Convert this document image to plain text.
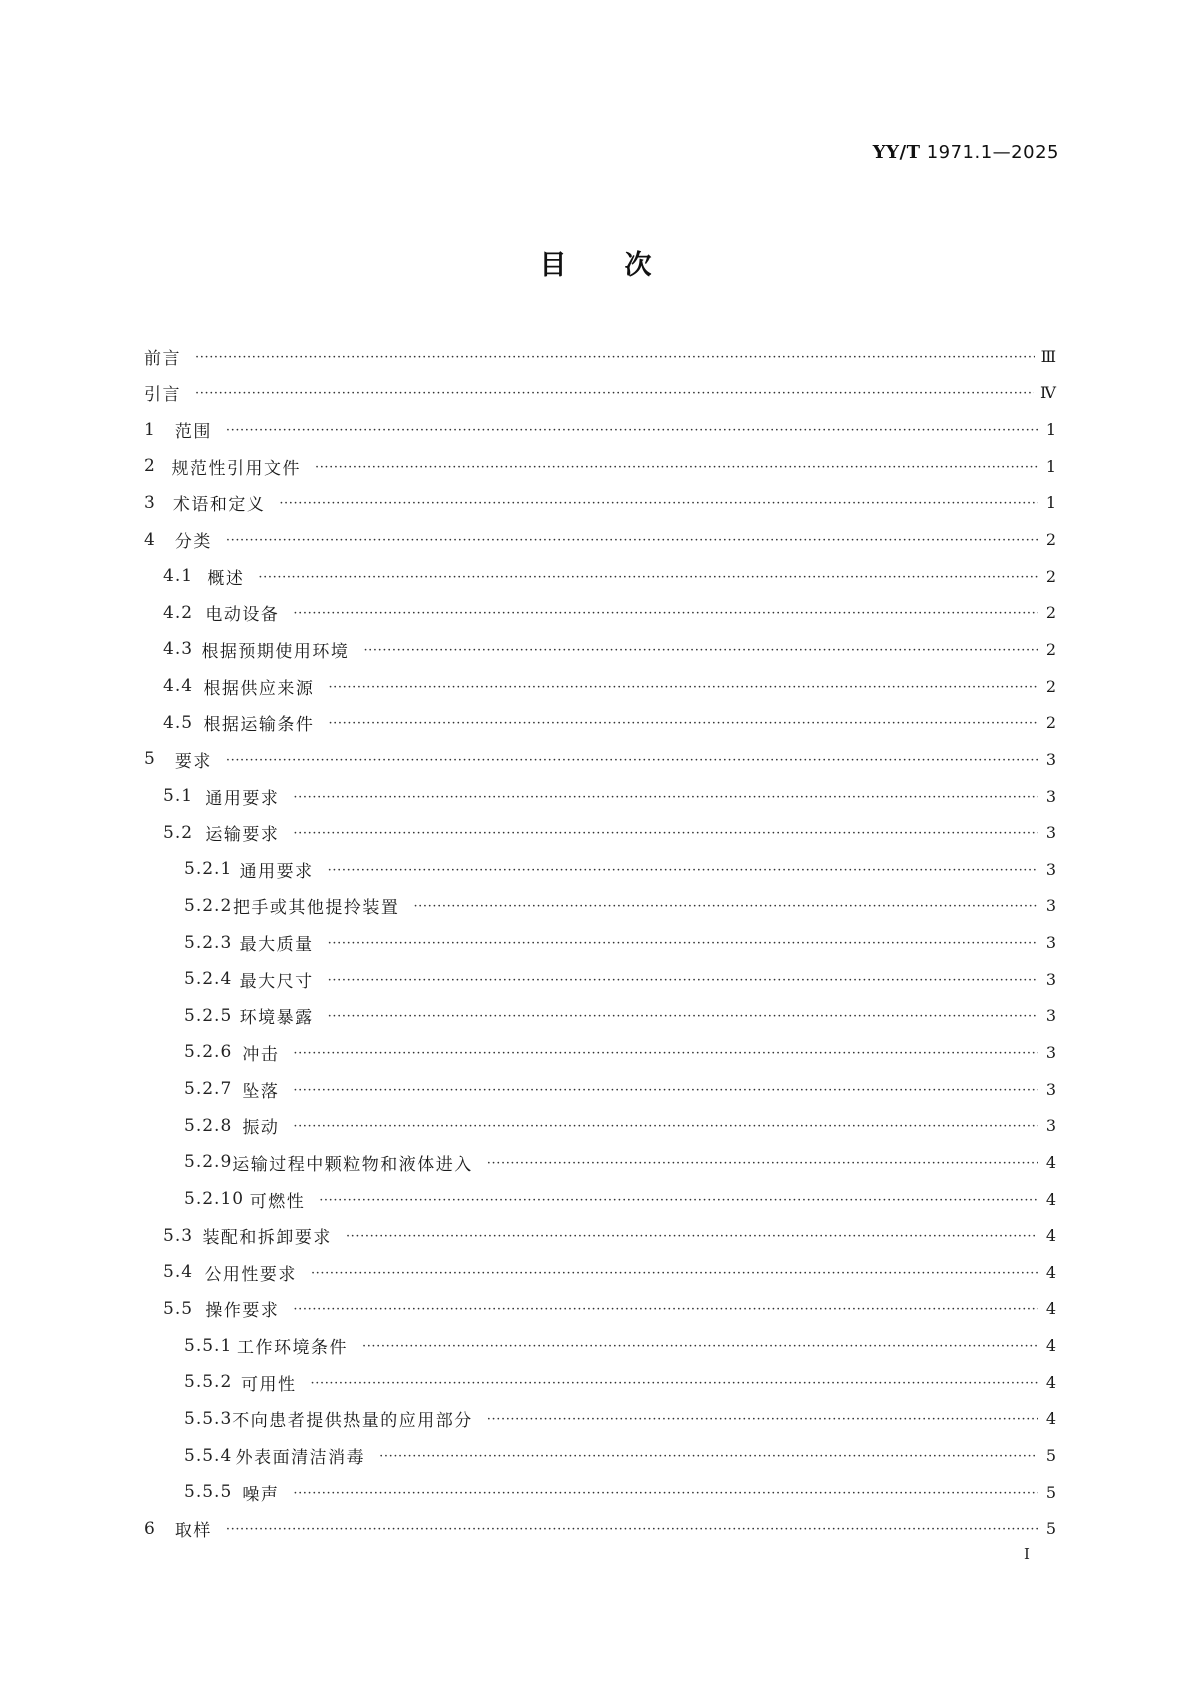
YY/T 1971.1—2025
目次
前言 ·····	Ⅲ
引言 ·····	Ⅳ
1	范围 ·····	1
2 规范性引用文件 ·····	1
3	术语和定义 ·····	1
4	分类 ·····	2
4.1 概述 ·····	2
4.2 电动设备 ·····	2
4.3 根据预期使用环境 ·····	2
4.4 根据供应来源 ·····	2
4.5 根据运输条件 ·····	2
5	要求 ·····	3
5.1 通用要求 ·····	3
5.2 运输要求 ·····	3
5.2.1 通用要求 ·····	3
5.2.2 把手或其他提拎装置 ·····	3
5.2.3 最大质量 ·····	3
5.2.4 最大尺寸 ·····	3
5.2.5 环境暴露 ·····	3
5.2.6 冲击 ·····	3
5.2.7 坠落 ·····	3
5.2.8 振动 ·····	3
5.2.9 运输过程中颗粒物和液体进入 ·····	4
5.2.10 可燃性 ·····	4
5.3 装配和拆卸要求 ·····	4
5.4 公用性要求 ·····	4
5.5 操作要求 ·····	4
5.5.1 工作环境条件 ·····	4
5.5.2 可用性 ·····	4
5.5.3 不向患者提供热量的应用部分 ·····	4
5.5.4 外表面清洁消毒 ·····	5
5.5.5 噪声 ·····	5
6	取样 ·····	5
I
